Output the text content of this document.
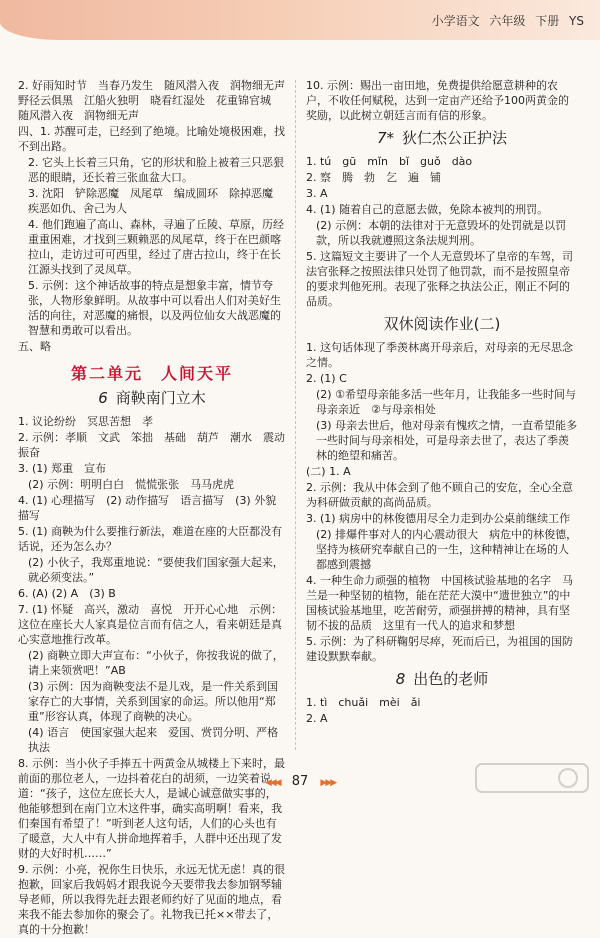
小学语文 六年级 下册 YS
2. 好雨知时节　当春乃发生　随风潜入夜　润物细无声　野径云俱黑　江船火独明　晓看红湿处　花重锦官城　随风潜入夜　润物细无声
四、1. 苏醒可走，已经到了绝境。比喻处境极困难，找不到出路。
2. 它头上长着三只角，它的形状和脸上被着三只恶狠恶的眼睛，还长着三张血盆大口。
3. 沈阳　铲除恶魔　凤尾草　编成圆环　除掉恶魔　疾恶如仇、舍己为人
4. 他们跑遍了高山、森林，寻遍了丘陵、草原，历经重重困难，才找到三颗赖恶的凤尾草，终于在巴颜喀拉山，走访过可可西里，经过了唐古拉山，终于在长江源头找到了灵凤草。
5. 示例：这个神话故事的特点是想象丰富，情节夸张，人物形象鲜明。从故事中可以看出人们对美好生活的向往，对恶魔的痛恨，以及两位仙女大战恶魔的智慧和勇敢可以看出。
五、略
第二单元　人间天平
6 商鞅南门立木
1. 议论纷纷　冥思苦想　孝
2. 示例：孝顺　文武　笨拙　基础　葫芦　潮水　震动　振奋
3. (1) 郑重　宣布
(2) 示例：明明白白　慌慌张张　马马虎虎
4. (1) 心理描写　(2) 动作描写　语言描写　(3) 外貌描写
5. (1) 商鞅为什么要推行新法，难道在座的大臣都没有话说，还为怎么办？
(2) 小伙子，我郑重地说：“要使我们国家强大起来，就必须变法。”
6. (A) (2) A　(3) B
7. (1) 怀疑　高兴，激动　喜悦　开开心心地　示例：这位在座长大人家真是位言而有信之人，看来朝廷是真心实意地推行改革。
(2) 商鞅立即大声宣布：“小伙子，你按我说的做了，请上来领赏吧！”AB
(3) 示例：因为商鞅变法不是儿戏，是一件关系到国家存亡的大事情，关系到国家的命运。所以他用“郑重”形容认真，体现了商鞅的决心。
(4) 语言　使国家强大起来　爱国、赏罚分明、严格执法
8. 示例：当小伙子手捧五十两黄金从城楼上下来时，最前面的那位老人，一边抖着花白的胡须，一边笑着说道：“孩子，这位左庶长大人，是诚心诚意做实事的，他能够想到在南门立木这件事，确实高明啊！看来，我们秦国有希望了！”听到老人这句话，人们的心头也有了暖意，大人中有人拼命地挥着手，人群中还出现了发财的大好时机……”
9. 示例：小亮，祝你生日快乐，永远无忧无虑！真的很抱歉，回家后我妈妈才跟我说今天要带我去参加钢琴辅导老师，所以我得先赶去跟老师约好了见面的地点，看来我不能去参加你的聚会了。礼物我已托××带去了，真的十分抱歉！
10. 示例：赐出一亩田地，免费提供给愿意耕种的农户，不收任何赋税，达到一定亩产还给予100两黄金的奖励，以此树立朝廷言而有信的形象。
7* 狄仁杰公正护法
1. tú　gū　mǐn　bǐ　guǒ　dào
2. 察　腾　勃　乞　遍　铺
3. A
4. (1) 随着自己的意愿去做，免除本被判的刑罚。
(2) 示例：本朝的法律对于无意毁坏的处罚就是以罚款，所以我就遵照这条法规判刑。
5. 这篇短文主要讲了一个人无意毁坏了皇帝的车驾，司法官张释之按照法律只处罚了他罚款，而不是按照皇帝的要求判他死刑。表现了张释之执法公正，刚正不阿的品质。
双休阅读作业(二)
1. 这句话体现了季羡林离开母亲后，对母亲的无尽思念之情。
2. (1) C
(2) ①希望母亲能多活一些年月，让我能多一些时间与母亲亲近　②与母亲相处
(3) 母亲去世后，他对母亲有愧疚之情，一直希望能多一些时间与母亲相处，可是母亲去世了，表达了季羡林的绝望和痛苦。
(二) 1. A
2. 示例：我从中体会到了他不顾自己的安危，全心全意为科研做贡献的高尚品质。
3. (1) 病房中的林俊德用尽全力走到办公桌前继续工作
(2) 排爆件事对人的内心震动很大　病危中的林俊德，坚持为核研究奉献自己的一生，这种精神让在场的人都感到震撼
4. 一种生命力顽强的植物　中国核试验基地的名字　马兰是一种坚韧的植物，能在茫茫大漠中“遗世独立”的中国核试验基地里，吃苦耐劳，顽强拼搏的精神，具有坚韧不拔的品质　这里有一代人的追求和梦想
5. 示例：为了科研鞠躬尽瘁，死而后已，为祖国的国防建设默默奉献。
8 出色的老师
1. tì　chuǎi　mèi　ǎi
2. A
◀◀◀ 87 ▶▶▶
